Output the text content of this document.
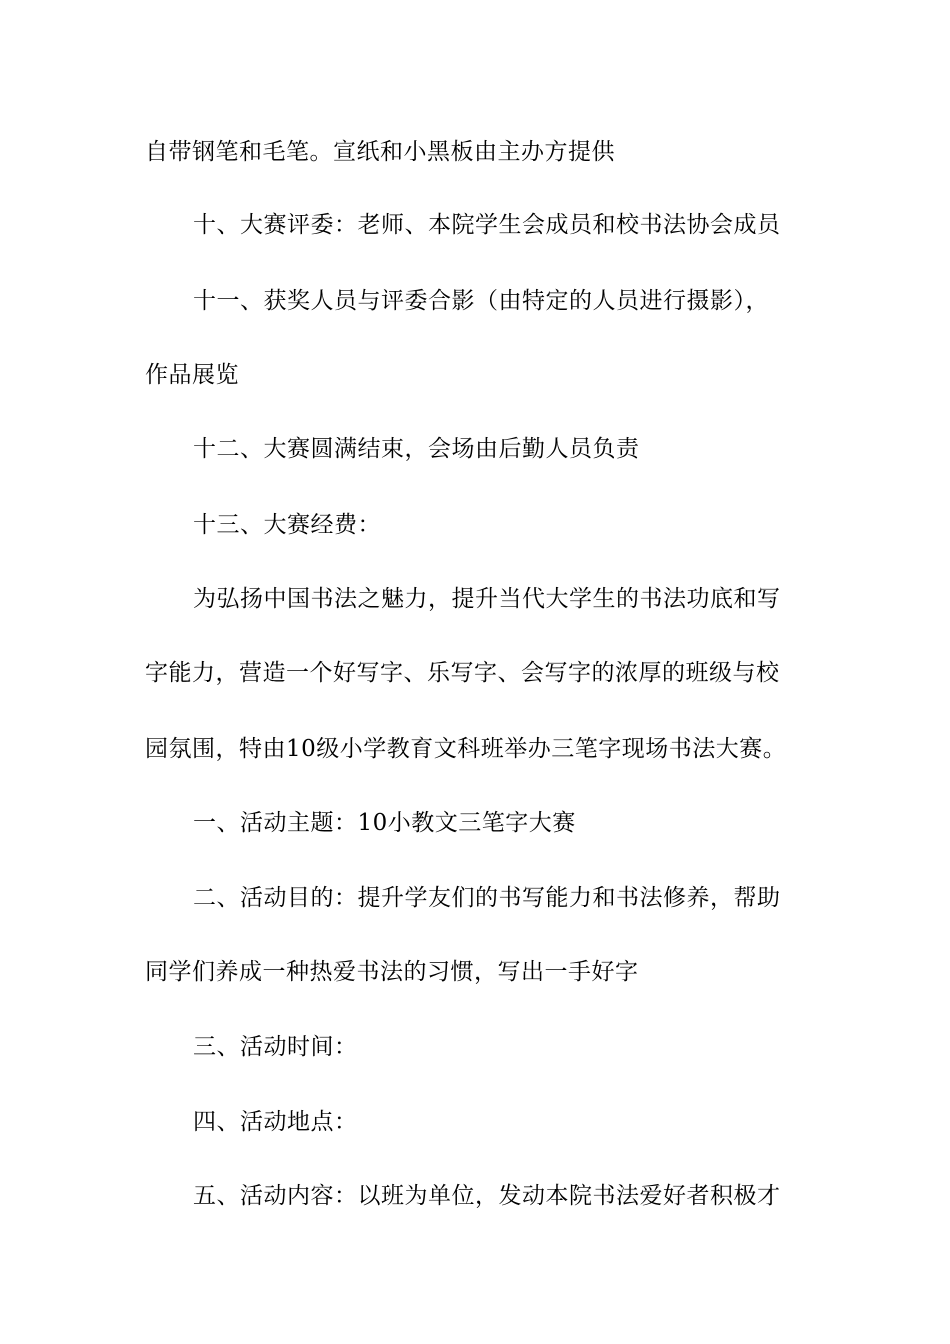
自带钢笔和毛笔。宣纸和小黑板由主办方提供
十、大赛评委：老师、本院学生会成员和校书法协会成员
十一、获奖人员与评委合影（由特定的人员进行摄影），
作品展览
十二、大赛圆满结束，会场由后勤人员负责
十三、大赛经费：
为弘扬中国书法之魅力，提升当代大学生的书法功底和写
字能力，营造一个好写字、乐写字、会写字的浓厚的班级与校
园氛围，特由10级小学教育文科班举办三笔字现场书法大赛。
一、活动主题：10小教文三笔字大赛
二、活动目的：提升学友们的书写能力和书法修养，帮助
同学们养成一种热爱书法的习惯，写出一手好字
三、活动时间：
四、活动地点：
五、活动内容：以班为单位，发动本院书法爱好者积极才
